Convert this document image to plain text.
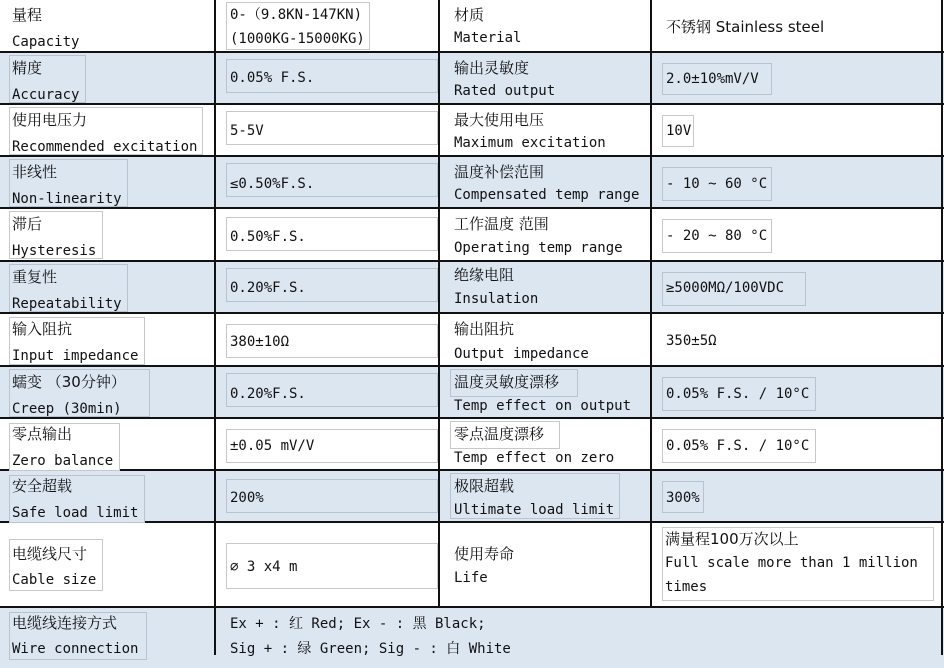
量程
Capacity
0-（9.8KN-147KN)
(1000KG-15000KG)
材质
Material
不锈钢 Stainless steel
精度
Accuracy
0.05% F.S.
输出灵敏度
Rated output
2.0±10%mV/V
使用电压力
Recommended excitation
5-5V
最大使用电压
Maximum excitation
10V
非线性
Non-linearity
≤0.50%F.S.
温度补偿范围
Compensated temp range
- 10 ~ 60 °C
滞后
Hysteresis
0.50%F.S.
工作温度 范围
Operating temp range
- 20 ~ 80 °C
重复性
Repeatability
0.20%F.S.
绝缘电阻
Insulation
≥5000MΩ/100VDC
输入阻抗
Input impedance
380±10Ω
输出阻抗
Output impedance
350±5Ω
蠕变 （30分钟）
Creep (30min)
0.20%F.S.
温度灵敏度漂移
Temp effect on output
0.05% F.S. / 10°C
零点输出
Zero balance
±0.05 mV/V
零点温度漂移
Temp effect on zero
0.05% F.S. / 10°C
安全超载
Safe load limit
200%
极限超载
Ultimate load limit
300%
电缆线尺寸
Cable size
⌀ 3 x4 m
使用寿命
Life
满量程100万次以上
Full scale more than 1 million times
电缆线连接方式
Wire connection
Ex + : 红 Red; Ex - : 黑 Black;
Sig + : 绿 Green; Sig - : 白 White
